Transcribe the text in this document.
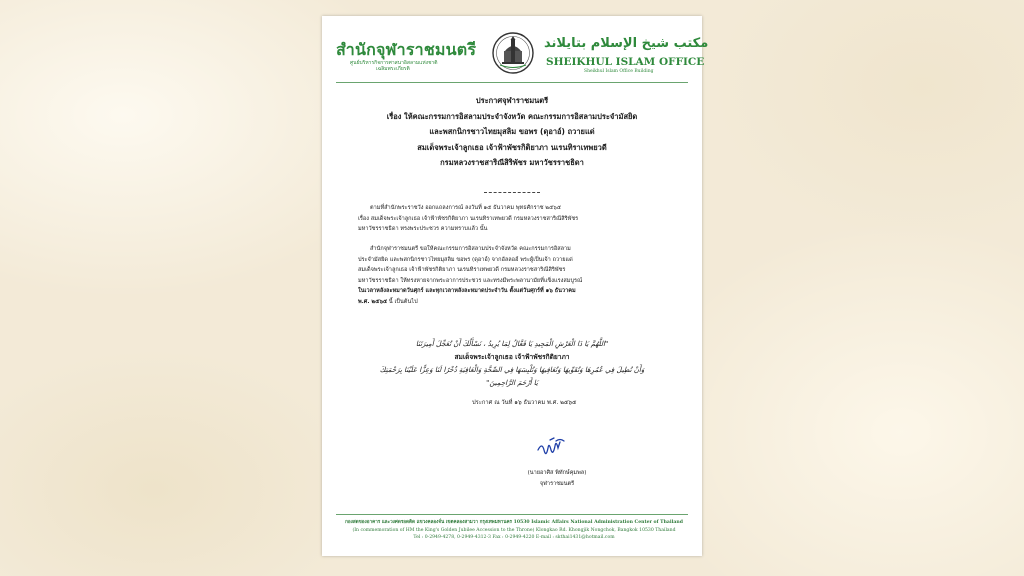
สำนักจุฬาราชมนตรี
ศูนย์บริหารกิจการศาสนาอิสลามแห่งชาติ
เฉลิมพระเกียรติ
مكتب شيخ الإسلام بتايلاند
SHEIKHUL ISLAM OFFICE
Sheikhul Islam Office Building
ประกาศจุฬาราชมนตรี
เรื่อง ให้คณะกรรมการอิสลามประจำจังหวัด คณะกรรมการอิสลามประจำมัสยิด
และพสกนิกรชาวไทยมุสลิม ขอพร (ดุอาอ์) ถวายแด่
สมเด็จพระเจ้าลูกเธอ เจ้าฟ้าพัชรกิติยาภา นเรนทิราเทพยวดี
กรมหลวงราชสาริณีสิริพัชร มหาวัชรราชธิดา
ตามที่สำนักพระราชวัง ออกแถลงการณ์ ลงวันที่ ๑๕ ธันวาคม พุทธศักราช ๒๕๖๕
เรื่อง สมเด็จพระเจ้าลูกเธอ เจ้าฟ้าพัชรกิติยาภา นเรนทิราเทพยวดี กรมหลวงราชสาริณีสิริพัชร
มหาวัชรราชธิดา ทรงพระประชวร ความทราบแล้ว นั้น
สำนักจุฬาราชมนตรี ขอให้คณะกรรมการอิสลามประจำจังหวัด คณะกรรมการอิสลาม
ประจำมัสยิด และพสกนิกรชาวไทยมุสลิม ขอพร (ดุอาอ์) จากอัลลอฮ์ พระผู้เป็นเจ้า ถวายแด่
สมเด็จพระเจ้าลูกเธอ เจ้าฟ้าพัชรกิติยาภา นเรนทิราเทพยวดี กรมหลวงราชสาริณีสิริพัชร
มหาวัชรราชธิดา ให้ทรงหายจากพระอาการประชวร และทรงมีพระพลานามัยที่แข็งแรงสมบูรณ์
ในเวลาหลังละหมาดวันศุกร์ และทุกเวลาหลังละหมาดประจำวัน ตั้งแต่วันศุกร์ที่ ๑๖ ธันวาคม
พ.ศ. ๒๕๖๕ นี้ เป็นต้นไป
"اللَّهُمَّ يَا ذَا الْعَرْشِ الْمَجِيدِ يَا فَعَّالُ لِمَا يُرِيدُ ، نَسْأَلُكَ أَنْ تُعَجِّلَ أَمِيرَتَنَا
สมเด็จพระเจ้าลูกเธอ เจ้าฟ้าพัชรกิติยาภา
وَأَنْ تُطِيلَ فِي عُمُرِهَا وَتُقَوِّيهَا وَتُعَافِيهَا وَتُلْبِسَهَا فِي الصِّحَّةِ وَالْعَافِيَةِ ذُخْرًا لَنَا وَعِزًّا عَلَيْنَا بِرَحْمَتِكَ
يَا أَرْحَمَ الرَّاحِمِينَ"
ประกาศ ณ วันที่ ๑๖ ธันวาคม พ.ศ. ๒๕๖๕
(นายอาศิส พิทักษ์คุมพล)
จุฬาราชมนตรี
กองสดของอาคาร และวงศดรอดติด แขวงคลองจั่น เขตคลองสามวา กรุงเทพมหานคร 10530 Islamic Affairs National Administration Center of Thailand
(In commemoration of HM the King's Golden Jubilee Accession to the Throne) Klongkao Rd. Khongjik Nongchok, Bangkok 10530 Thailand
Tel : 0-2949-4278, 0-2949-4312-3 Fax : 0-2949-4220 E-mail : skthai1431@hotmail.com
